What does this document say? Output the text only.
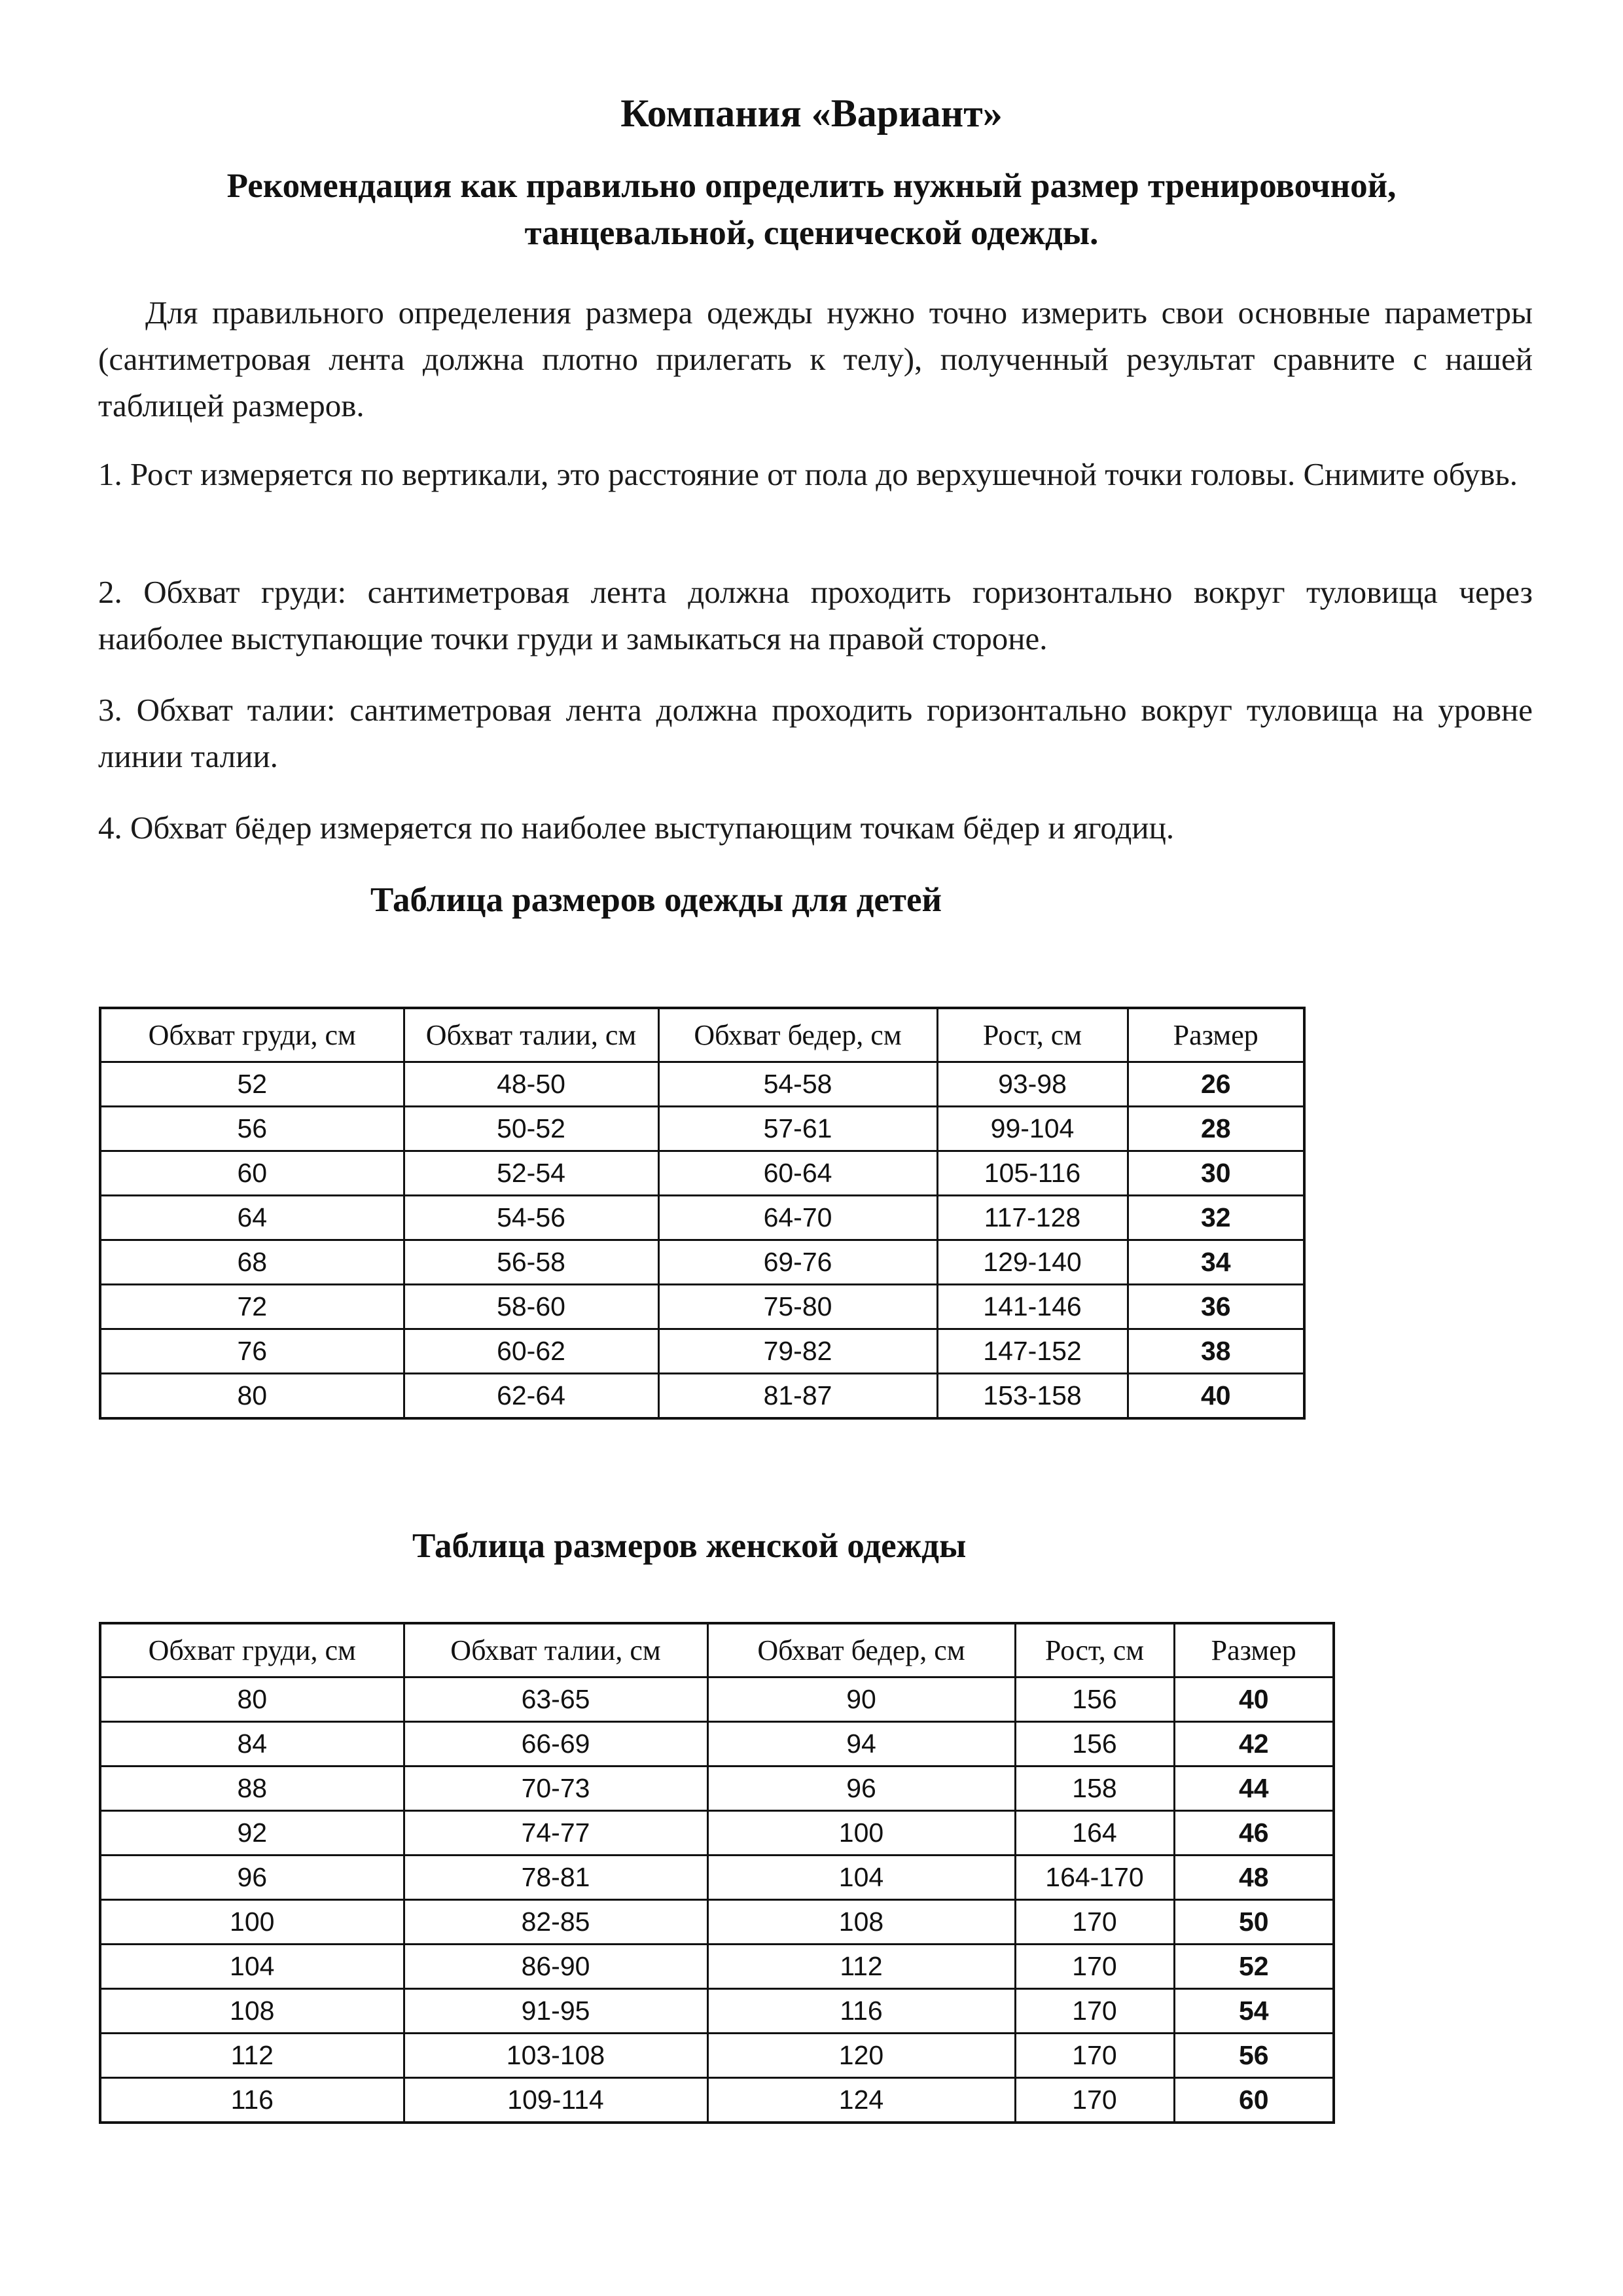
Компания «Вариант»
Рекомендация как правильно определить нужный размер тренировочной,
танцевальной, сценической одежды.

Для правильного определения размера одежды нужно точно измерить свои основные параметры (сантиметровая лента должна плотно прилегать к телу), полученный результат сравните с нашей таблицей размеров.

1. Рост измеряется по вертикали, это расстояние от пола до верхушечной точки головы. Снимите обувь.

2. Обхват груди: сантиметровая лента должна проходить горизонтально вокруг туловища через наиболее выступающие точки груди и замыкаться на правой стороне.

3. Обхват талии: сантиметровая лента должна проходить горизонтально вокруг туловища на уровне линии талии.

4. Обхват бёдер измеряется по наиболее выступающим точкам бёдер и ягодиц.

Таблица размеров одежды для детей
Обхват груди, см	Обхват талии, см	Обхват бедер, см	Рост, см	Размер
52	48-50	54-58	93-98	26
56	50-52	57-61	99-104	28
60	52-54	60-64	105-116	30
64	54-56	64-70	117-128	32
68	56-58	69-76	129-140	34
72	58-60	75-80	141-146	36
76	60-62	79-82	147-152	38
80	62-64	81-87	153-158	40
Таблица размеров женской одежды
Обхват груди, см	Обхват талии, см	Обхват бедер, см	Рост, см	Размер
80	63-65	90	156	40
84	66-69	94	156	42
88	70-73	96	158	44
92	74-77	100	164	46
96	78-81	104	164-170	48
100	82-85	108	170	50
104	86-90	112	170	52
108	91-95	116	170	54
112	103-108	120	170	56
116	109-114	124	170	60
